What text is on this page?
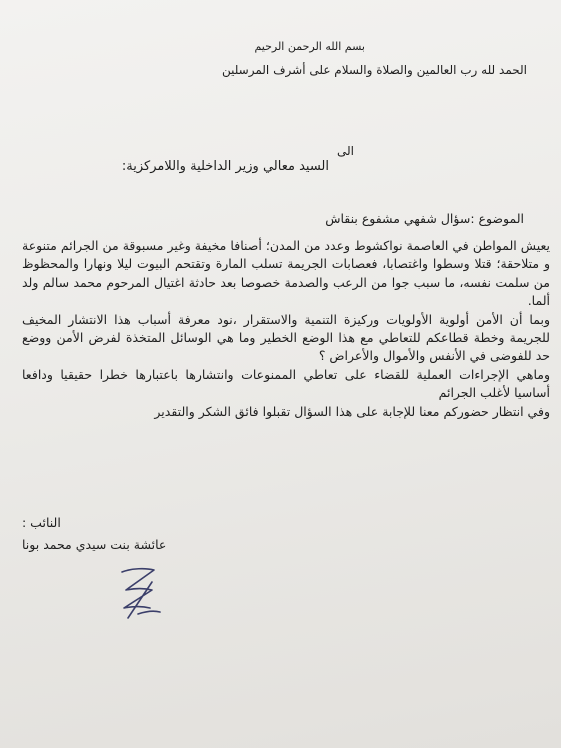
بسم الله الرحمن الرحيم
الحمد لله رب العالمين والصلاة والسلام على أشرف المرسلين
الى
السيد معالي وزير الداخلية واللامركزية:
الموضوع :سؤال شفهي مشفوع بنقاش

يعيش المواطن في العاصمة نواكشوط وعدد من المدن؛ أصنافا مخيفة وغير مسبوقة من الجرائم متنوعة و متلاحقة؛ قتلا وسطوا واغتصابا، فعصابات الجريمة تسلب المارة وتقتحم البيوت ليلا ونهارا والمحظوظ من سلمت نفسه، ما سبب جوا من الرعب والصدمة خصوصا بعد حادثة اغتيال المرحوم محمد سالم ولد ألما.

وبما أن الأمن أولوية الأولويات وركيزة التنمية والاستقرار ،نود معرفة أسباب هذا الانتشار المخيف للجريمة وخطة قطاعكم للتعاطي مع هذا الوضع الخطير وما هي الوسائل المتخذة لفرض الأمن ووضع حد للفوضى في الأنفس والأموال والأعراض ؟

وماهي الإجراءات العملية للقضاء على تعاطي الممنوعات وانتشارها باعتبارها خطرا حقيقيا ودافعا أساسيا لأغلب الجرائم

وفي انتظار حضوركم معنا للإجابة على هذا السؤال تقبلوا فائق الشكر والتقدير

النائب :
عائشة بنت سيدي محمد بونا
